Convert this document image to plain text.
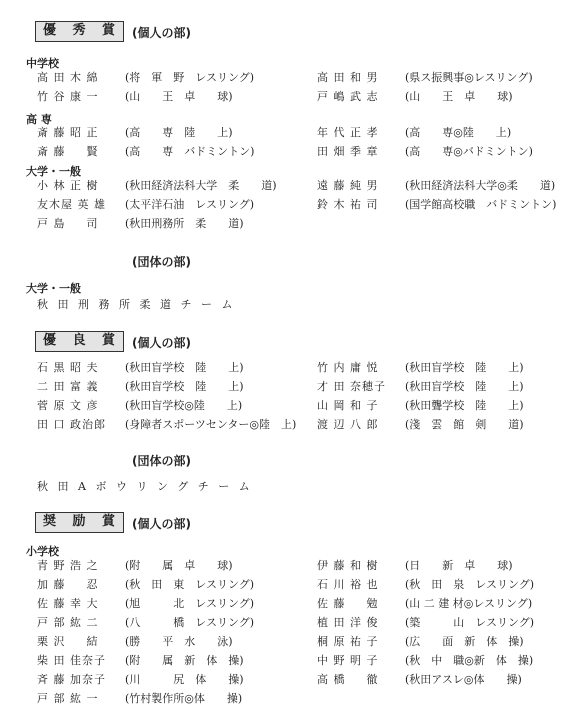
優 秀 賞 (個人の部)
中学校
高 田 木 綿 (将　軍　野　レスリング)	高 田 和 男 (県ス振興事◎レスリング)
竹 谷 康 一 (山　　王　卓　　球)	戸 嶋 武 志 (山　　王　卓　　球)
高 専
斎 藤 昭 正 (高　　専　陸　　上)	年 代 正 孝 (高　　専◎陸　　上)
斎 藤 　 賢 (高　　専　バドミントン)	田 畑 季 章 (高　　専◎バドミントン)
大学・一般
小 林 正 樹 (秋田経済法科大学　柔　　道)	遠 藤 純 男 (秋田経済法科大学◎柔　　道)
友木屋 英 雄 (太平洋石油　レスリング)	鈴 木 祐 司 (国学館高校職　バドミントン)
戸 島 　 司 (秋田刑務所　柔　　道)
(団体の部)
大学・一般
秋田刑務所柔道チーム
優 良 賞 (個人の部)
石 黒 昭 夫 (秋田盲学校　陸　　上)	竹 内 庸 悦 (秋田盲学校　陸　　上)
二 田 富 義 (秋田盲学校　陸　　上)	才 田 奈穂子 (秋田盲学校　陸　　上)
菅 原 文 彦 (秋田盲学校◎陸　　上)	山 岡 和 子 (秋田聾学校　陸　　上)
田 口 政治郎 (身障者スポーツセンター◎陸　上) 渡 辺 八 郎 (淺　雲　館　剣　　道)
(団体の部)
秋田Aボウリングチーム
奨 励 賞 (個人の部)
小学校
青 野 浩 之 (附　　属　卓　　球)	伊 藤 和 樹 (日　　新　卓　　球)
加 藤 　 忍 (秋　田　東　レスリング)	石 川 裕 也 (秋　田　泉　レスリング)
佐 藤 幸 大 (旭　　　北　レスリング)	佐 藤 　 勉 (山 二 建 材◎レスリング)
戸 部 紘 二 (八　　　橋　レスリング)	植 田 洋 俊 (築　　　山　レスリング)
栗 沢 　 結 (勝　　平　水　　泳)	桐 原 祐 子 (広　　面　新　体　操)
柴 田 佳奈子 (附　　属　新　体　操)	中 野 明 子 (秋　中　職◎新　体　操)
斉 藤 加奈子 (川　　　尻　体　　操)	高 橋 　 徹 (秋田アスレ◎体　　操)
戸 部 紘 一 (竹村製作所◎体　　操)
